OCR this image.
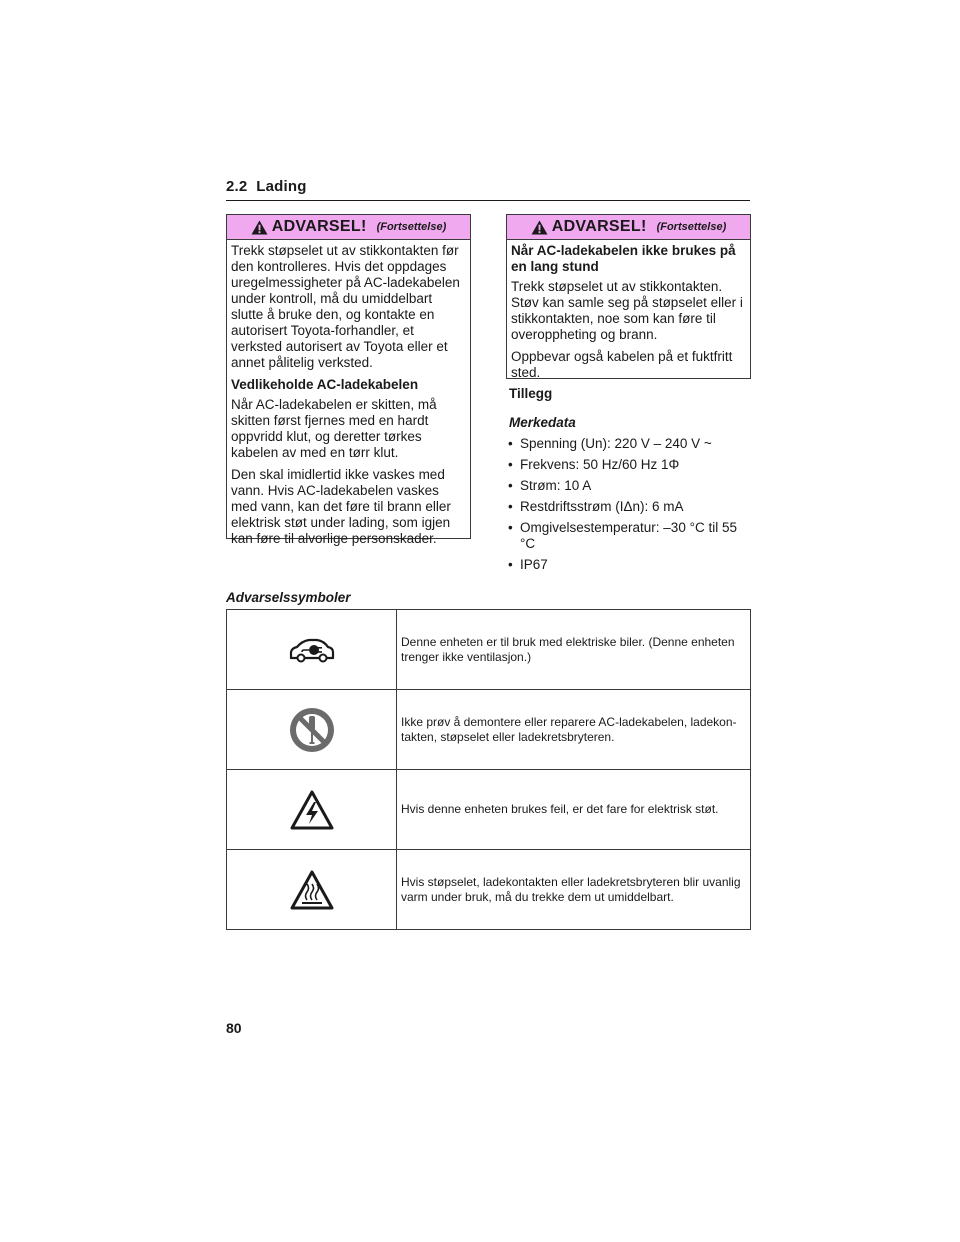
2.2 Lading
ADVARSEL! (Fortsettelse)

Trekk støpselet ut av stikkontakten før den kontrolleres. Hvis det oppdages uregelmessigheter på AC-ladekabelen under kontroll, må du umiddelbart slutte å bruke den, og kontakte en autorisert Toyota-forhandler, et verksted autorisert av Toyota eller et annet pålitelig verksted.

Vedlikeholde AC-ladekabelen

Når AC-ladekabelen er skitten, må skitten først fjernes med en hardt oppvridd klut, og deretter tørkes kabelen av med en tørr klut.

Den skal imidlertid ikke vaskes med vann. Hvis AC-ladekabelen vaskes med vann, kan det føre til brann eller elektrisk støt under lading, som igjen kan føre til alvorlige personskader.

ADVARSEL! (Fortsettelse)

Når AC-ladekabelen ikke brukes på en lang stund

Trekk støpselet ut av stikkontakten. Støv kan samle seg på støpselet eller i stikkontakten, noe som kan føre til overoppheting og brann.

Oppbevar også kabelen på et fuktfritt sted.

Tillegg
Merkedata
• Spenning (Un): 220 V – 240 V ~
• Frekvens: 50 Hz/60 Hz 1Φ
• Strøm: 10 A
• Restdriftsstrøm (IΔn): 6 mA
• Omgivelsestemperatur: –30 °C til 55 °C
• IP67
Advarselssymboler
	Denne enheten er til bruk med elektriske biler. (Denne enheten trenger ikke ventilasjon.)
	Ikke prøv å demontere eller reparere AC-ladekabelen, ladekon-takten, støpselet eller ladekretsbryteren.
	Hvis denne enheten brukes feil, er det fare for elektrisk støt.
	Hvis støpselet, ladekontakten eller ladekretsbryteren blir uvanlig varm under bruk, må du trekke dem ut umiddelbart.
80
